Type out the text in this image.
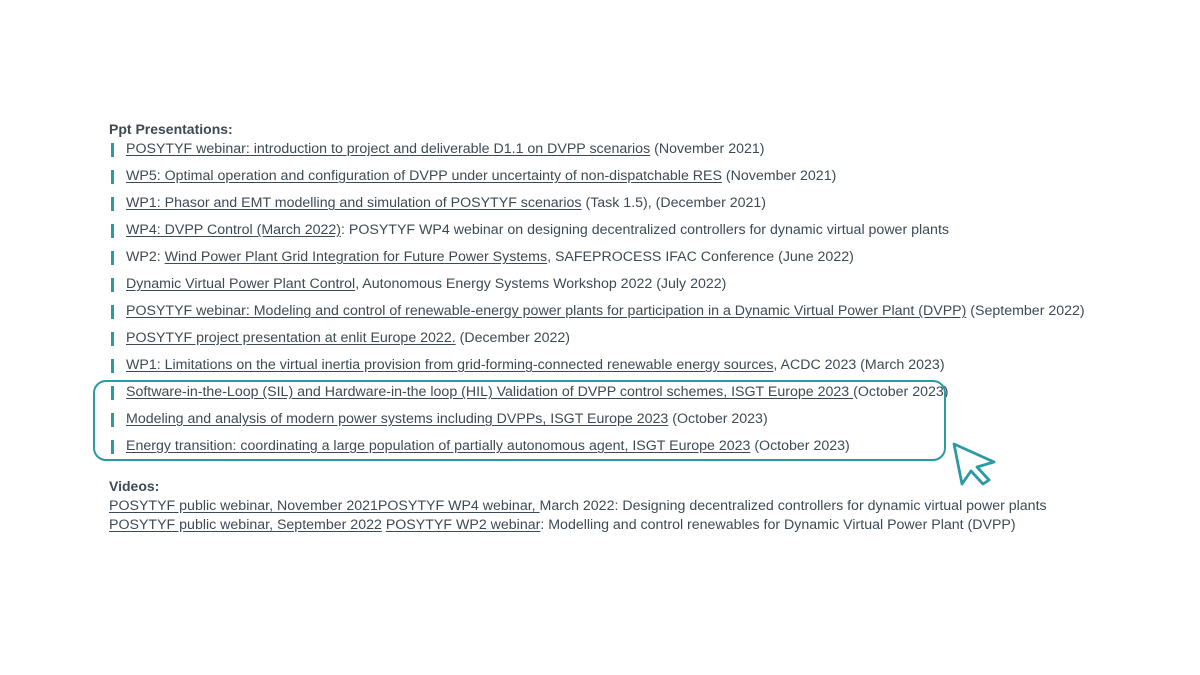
Ppt Presentations:
POSYTYF webinar: introduction to project and deliverable D1.1 on DVPP scenarios (November 2021)
WP5: Optimal operation and configuration of DVPP under uncertainty of non-dispatchable RES (November 2021)
WP1: Phasor and EMT modelling and simulation of POSYTYF scenarios (Task 1.5), (December 2021)
WP4: DVPP Control (March 2022): POSYTYF WP4 webinar on designing decentralized controllers for dynamic virtual power plants
WP2: Wind Power Plant Grid Integration for Future Power Systems, SAFEPROCESS IFAC Conference (June 2022)
Dynamic Virtual Power Plant Control, Autonomous Energy Systems Workshop 2022 (July 2022)
POSYTYF webinar: Modeling and control of renewable-energy power plants for participation in a Dynamic Virtual Power Plant (DVPP) (September 2022)
POSYTYF project presentation at enlit Europe 2022. (December 2022)
WP1: Limitations on the virtual inertia provision from grid-forming-connected renewable energy sources, ACDC 2023 (March 2023)
Software-in-the-Loop (SIL) and Hardware-in-the loop (HIL) Validation of DVPP control schemes, ISGT Europe 2023 (October 2023)
Modeling and analysis of modern power systems including DVPPs, ISGT Europe 2023 (October 2023)
Energy transition: coordinating a large population of partially autonomous agent, ISGT Europe 2023 (October 2023)
Videos:
POSYTYF public webinar, November 2021POSYTYF WP4 webinar, March 2022: Designing decentralized controllers for dynamic virtual power plants
POSYTYF public webinar, September 2022 POSYTYF WP2 webinar: Modelling and control renewables for Dynamic Virtual Power Plant (DVPP)
